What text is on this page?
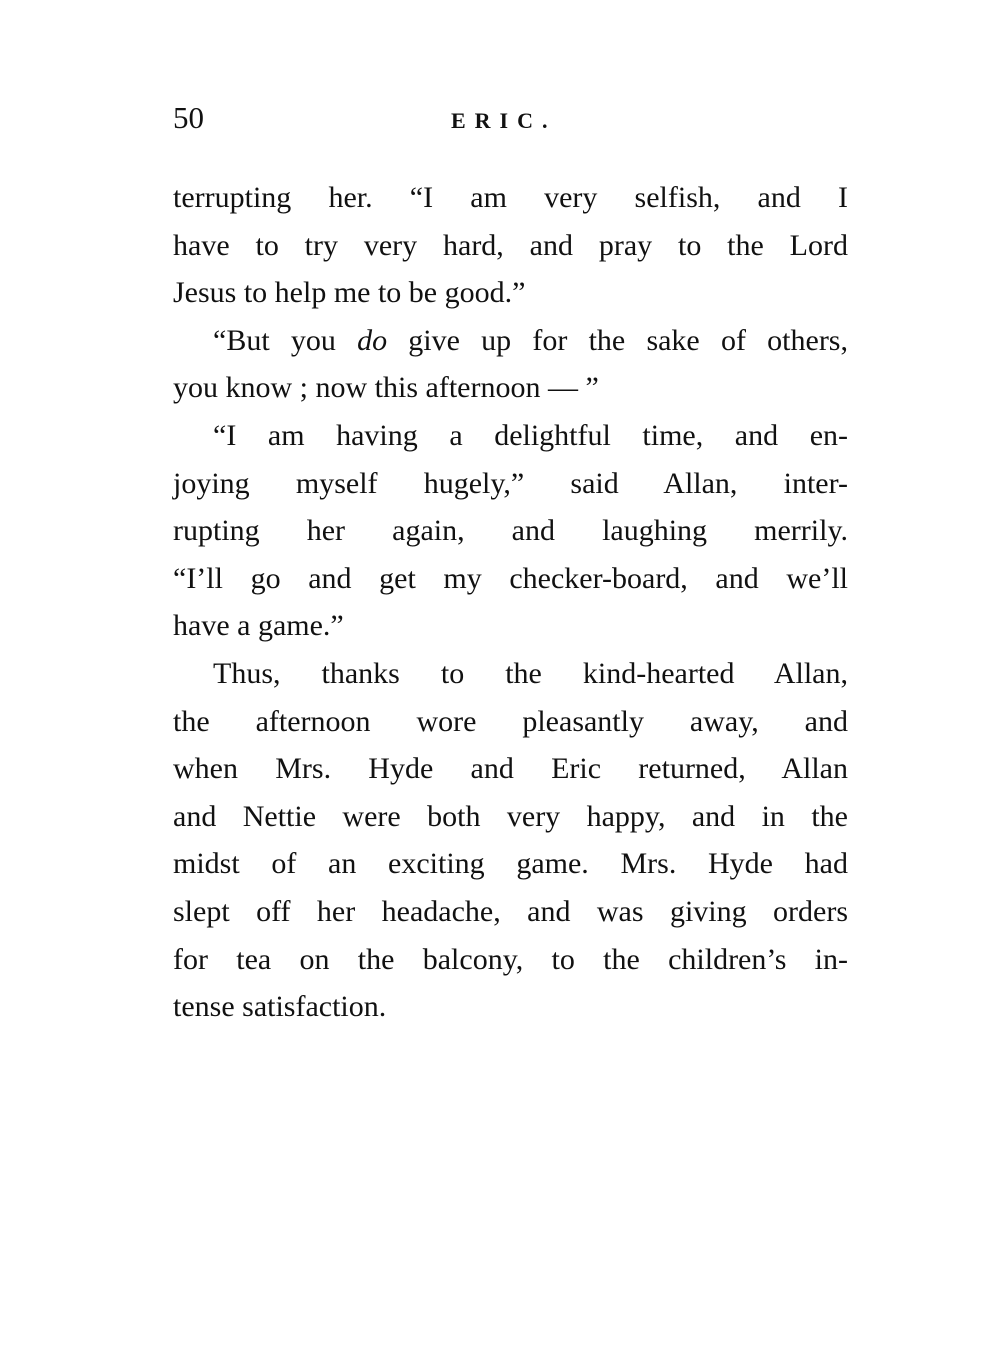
50	ERIC.
terrupting her. “I am very selfish, and I
have to try very hard, and pray to the Lord
Jesus to help me to be good.”
“But you do give up for the sake of others,
you know ; now this afternoon — ”
“I am having a delightful time, and en-
joying myself hugely,” said Allan, inter-
rupting her again, and laughing merrily.
“I’ll go and get my checker-board, and we’ll
have a game.”
Thus, thanks to the kind-hearted Allan,
the afternoon wore pleasantly away, and
when Mrs. Hyde and Eric returned, Allan
and Nettie were both very happy, and in the
midst of an exciting game. Mrs. Hyde had
slept off her headache, and was giving orders
for tea on the balcony, to the children’s in-
tense satisfaction.
